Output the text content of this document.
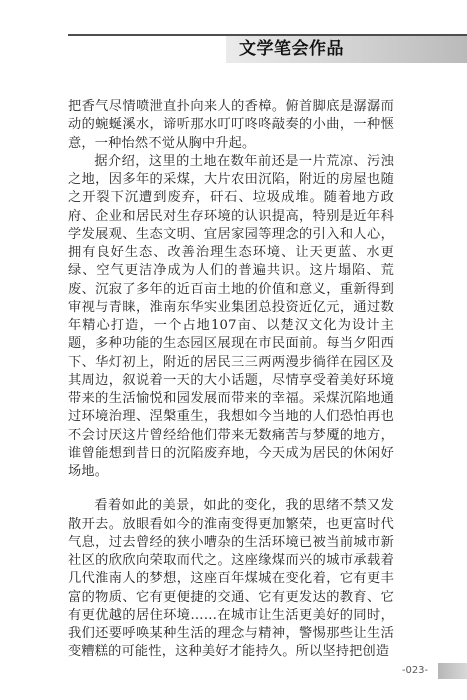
文学笔会作品

把香气尽情喷泄直扑向来人的香樟。俯首脚底是潺潺而动的蜿蜒溪水，谛听那水叮叮咚咚敲奏的小曲，一种惬意，一种怡然不觉从胸中升起。

据介绍，这里的土地在数年前还是一片荒凉、污浊之地，因多年的采煤，大片农田沉陷，附近的房屋也随之开裂下沉遭到废弃，矸石、垃圾成堆。随着地方政府、企业和居民对生存环境的认识提高，特别是近年科学发展观、生态文明、宜居家园等理念的引入和人心，拥有良好生态、改善治理生态环境、让天更蓝、水更绿、空气更洁净成为人们的普遍共识。这片塌陷、荒废、沉寂了多年的近百亩土地的价值和意义，重新得到审视与青睐，淮南东华实业集团总投资近亿元，通过数年精心打造，一个占地107亩、以楚汉文化为设计主题，多种功能的生态园区展现在市民面前。每当夕阳西下、华灯初上，附近的居民三三两两漫步徜徉在园区及其周边，叙说着一天的大小话题，尽情享受着美好环境带来的生活愉悦和园发展而带来的幸福。采煤沉陷地通过环境治理、涅槃重生，我想如今当地的人们恐怕再也不会讨厌这片曾经给他们带来无数痛苦与梦魇的地方，谁曾能想到昔日的沉陷废弃地，今天成为居民的休闲好场地。

看着如此的美景，如此的变化，我的思绪不禁又发散开去。放眼看如今的淮南变得更加繁荣，也更富时代气息，过去曾经的狭小嘈杂的生活环境已被当前城市新社区的欣欣向荣取而代之。这座缘煤而兴的城市承载着几代淮南人的梦想，这座百年煤城在变化着，它有更丰富的物质、它有更便捷的交通、它有更发达的教育、它有更优越的居住环境……在城市让生活更美好的同时，我们还要呼唤某种生活的理念与精神，警惕那些让生活变糟糕的可能性，这种美好才能持久。所以坚持把创造

-023-
